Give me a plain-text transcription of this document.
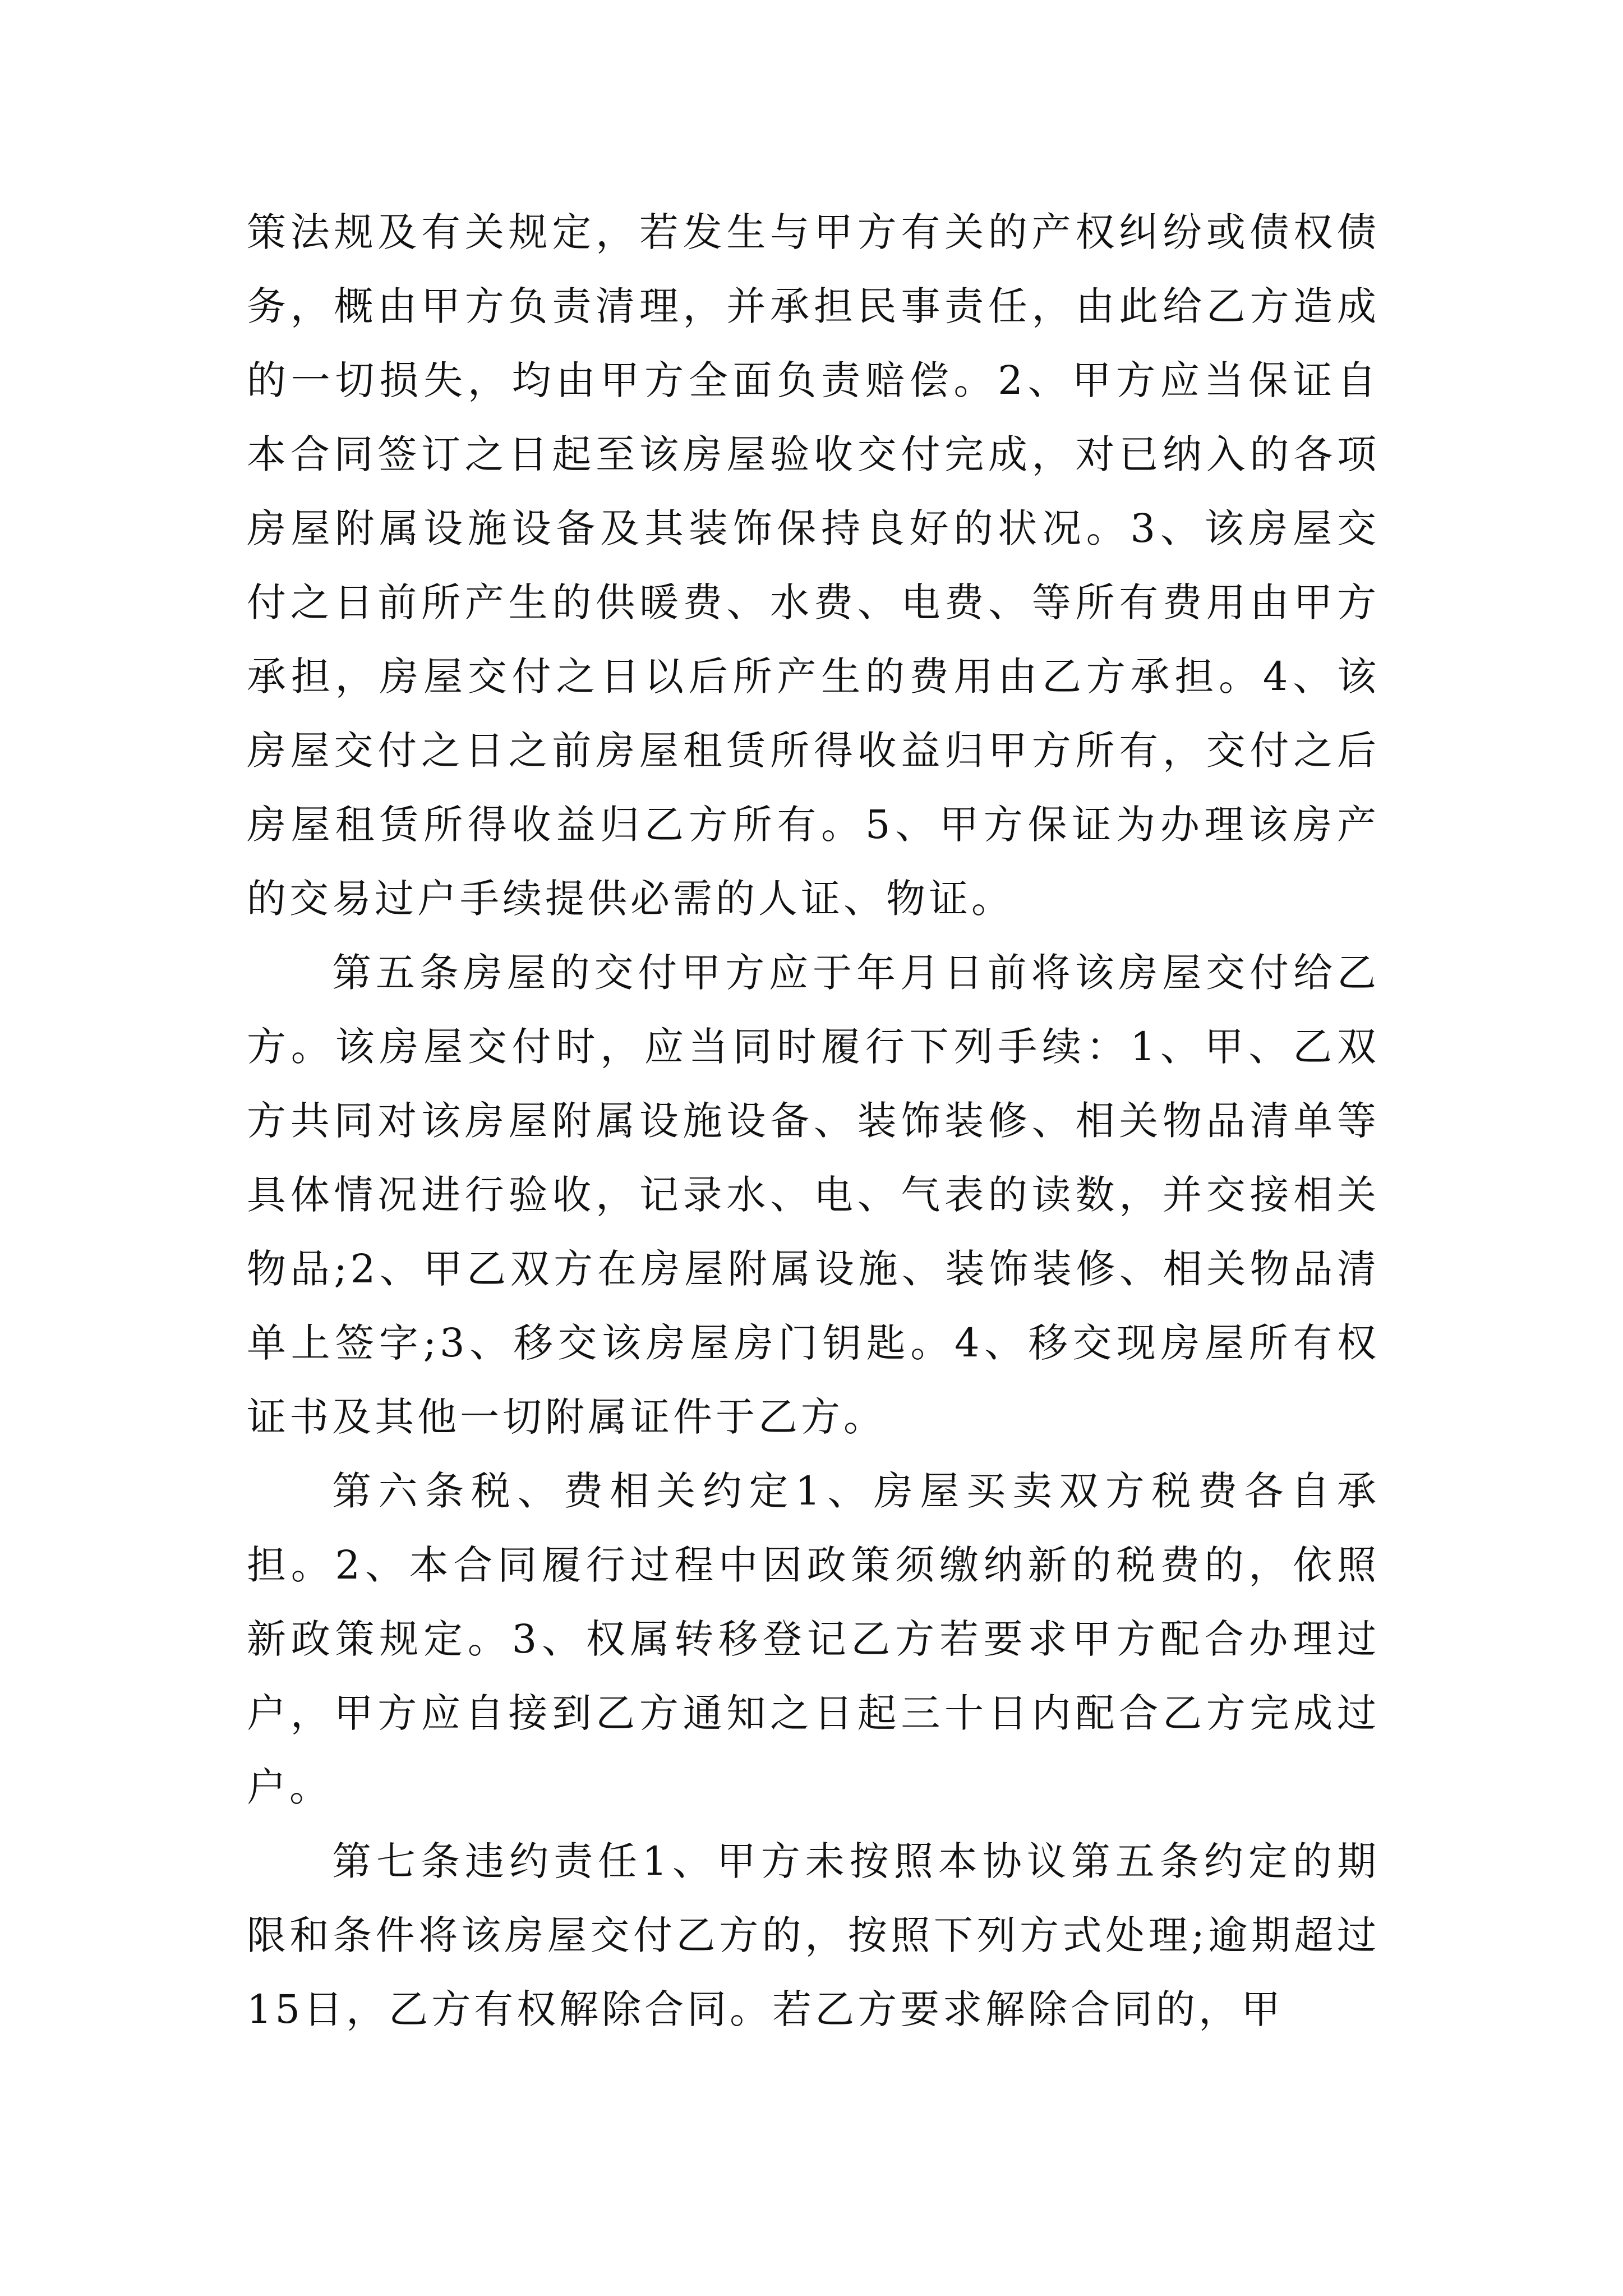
策法规及有关规定，若发生与甲方有关的产权纠纷或债权债务，概由甲方负责清理，并承担民事责任，由此给乙方造成的一切损失，均由甲方全面负责赔偿。2、甲方应当保证自本合同签订之日起至该房屋验收交付完成，对已纳入的各项房屋附属设施设备及其装饰保持良好的状况。3、该房屋交付之日前所产生的供暖费、水费、电费、等所有费用由甲方承担，房屋交付之日以后所产生的费用由乙方承担。4、该房屋交付之日之前房屋租赁所得收益归甲方所有，交付之后房屋租赁所得收益归乙方所有。5、甲方保证为办理该房产的交易过户手续提供必需的人证、物证。

第五条房屋的交付甲方应于年月日前将该房屋交付给乙方。该房屋交付时，应当同时履行下列手续：1、甲、乙双方共同对该房屋附属设施设备、装饰装修、相关物品清单等具体情况进行验收，记录水、电、气表的读数，并交接相关物品;2、甲乙双方在房屋附属设施、装饰装修、相关物品清单上签字;3、移交该房屋房门钥匙。4、移交现房屋所有权证书及其他一切附属证件于乙方。

第六条税、费相关约定1、房屋买卖双方税费各自承担。2、本合同履行过程中因政策须缴纳新的税费的，依照新政策规定。3、权属转移登记乙方若要求甲方配合办理过户，甲方应自接到乙方通知之日起三十日内配合乙方完成过户。

第七条违约责任1、甲方未按照本协议第五条约定的期限和条件将该房屋交付乙方的，按照下列方式处理;逾期超过15日，乙方有权解除合同。若乙方要求解除合同的，甲
